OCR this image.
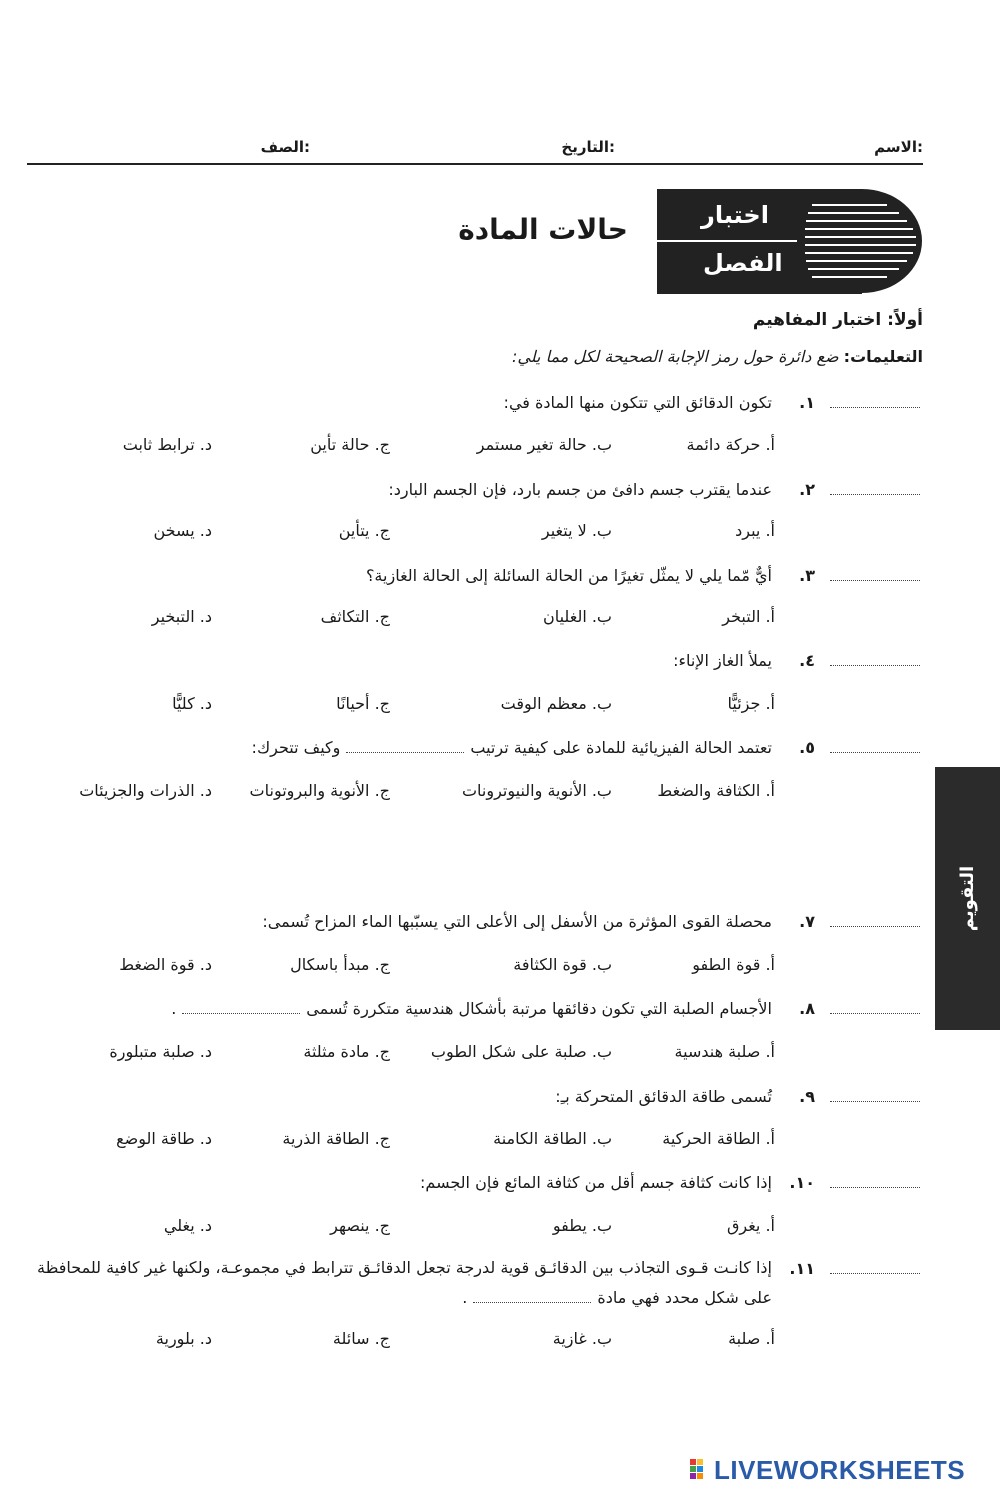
الاسم:
التاريخ:
الصف:
اختبار
الفصل
حالات المادة
أولاً: اختبار المفاهيم
التعليمات: ضع دائرة حول رمز الإجابة الصحيحة لكل مما يلي:
١.
تكون الدقائق التي تتكون منها المادة في:
أ. حركة دائمة
ب. حالة تغير مستمر
ج. حالة تأين
د. ترابط ثابت
٢.
عندما يقترب جسم دافئ من جسم بارد، فإن الجسم البارد:
أ. يبرد
ب. لا يتغير
ج. يتأين
د. يسخن
٣.
أيٌّ مّما يلي لا يمثّل تغيرًا من الحالة السائلة إلى الحالة الغازية؟
أ. التبخر
ب. الغليان
ج. التكاثف
د. التبخير
٤.
يملأ الغاز الإناء:
أ. جزئيًّا
ب. معظم الوقت
ج. أحيانًا
د. كليًّا
٥.
تعتمد الحالة الفيزيائية للمادة على كيفية ترتيبوكيف تتحرك:
أ. الكثافة والضغط
ب. الأنوية والنيوترونات
ج. الأنوية والبروتونات
د. الذرات والجزيئات
٧.
محصلة القوى المؤثرة من الأسفل إلى الأعلى التي يسبّبها الماء المزاح تُسمى:
أ. قوة الطفو
ب. قوة الكثافة
ج. مبدأ باسكال
د. قوة الضغط
٨.
الأجسام الصلبة التي تكون دقائقها مرتبة بأشكال هندسية متكررة تُسمى.
أ. صلبة هندسية
ب. صلبة على شكل الطوب
ج. مادة مثلثة
د. صلبة متبلورة
٩.
تُسمى طاقة الدقائق المتحركة بـِ:
أ. الطاقة الحركية
ب. الطاقة الكامنة
ج. الطاقة الذرية
د. طاقة الوضع
١٠.
إذا كانت كثافة جسم أقل من كثافة المائع فإن الجسم:
أ. يغرق
ب. يطفو
ج. ينصهر
د. يغلي
١١.
إذا كانـت قـوى التجاذب بين الدقائـق قوية لدرجة تجعل الدقائـق تترابط في مجموعـة، ولكنها غير كافية للمحافظة على شكل محدد فهي مادة.
أ. صلبة
ب. غازية
ج. سائلة
د. بلورية
التقويم
LIVEWORKSHEETS
